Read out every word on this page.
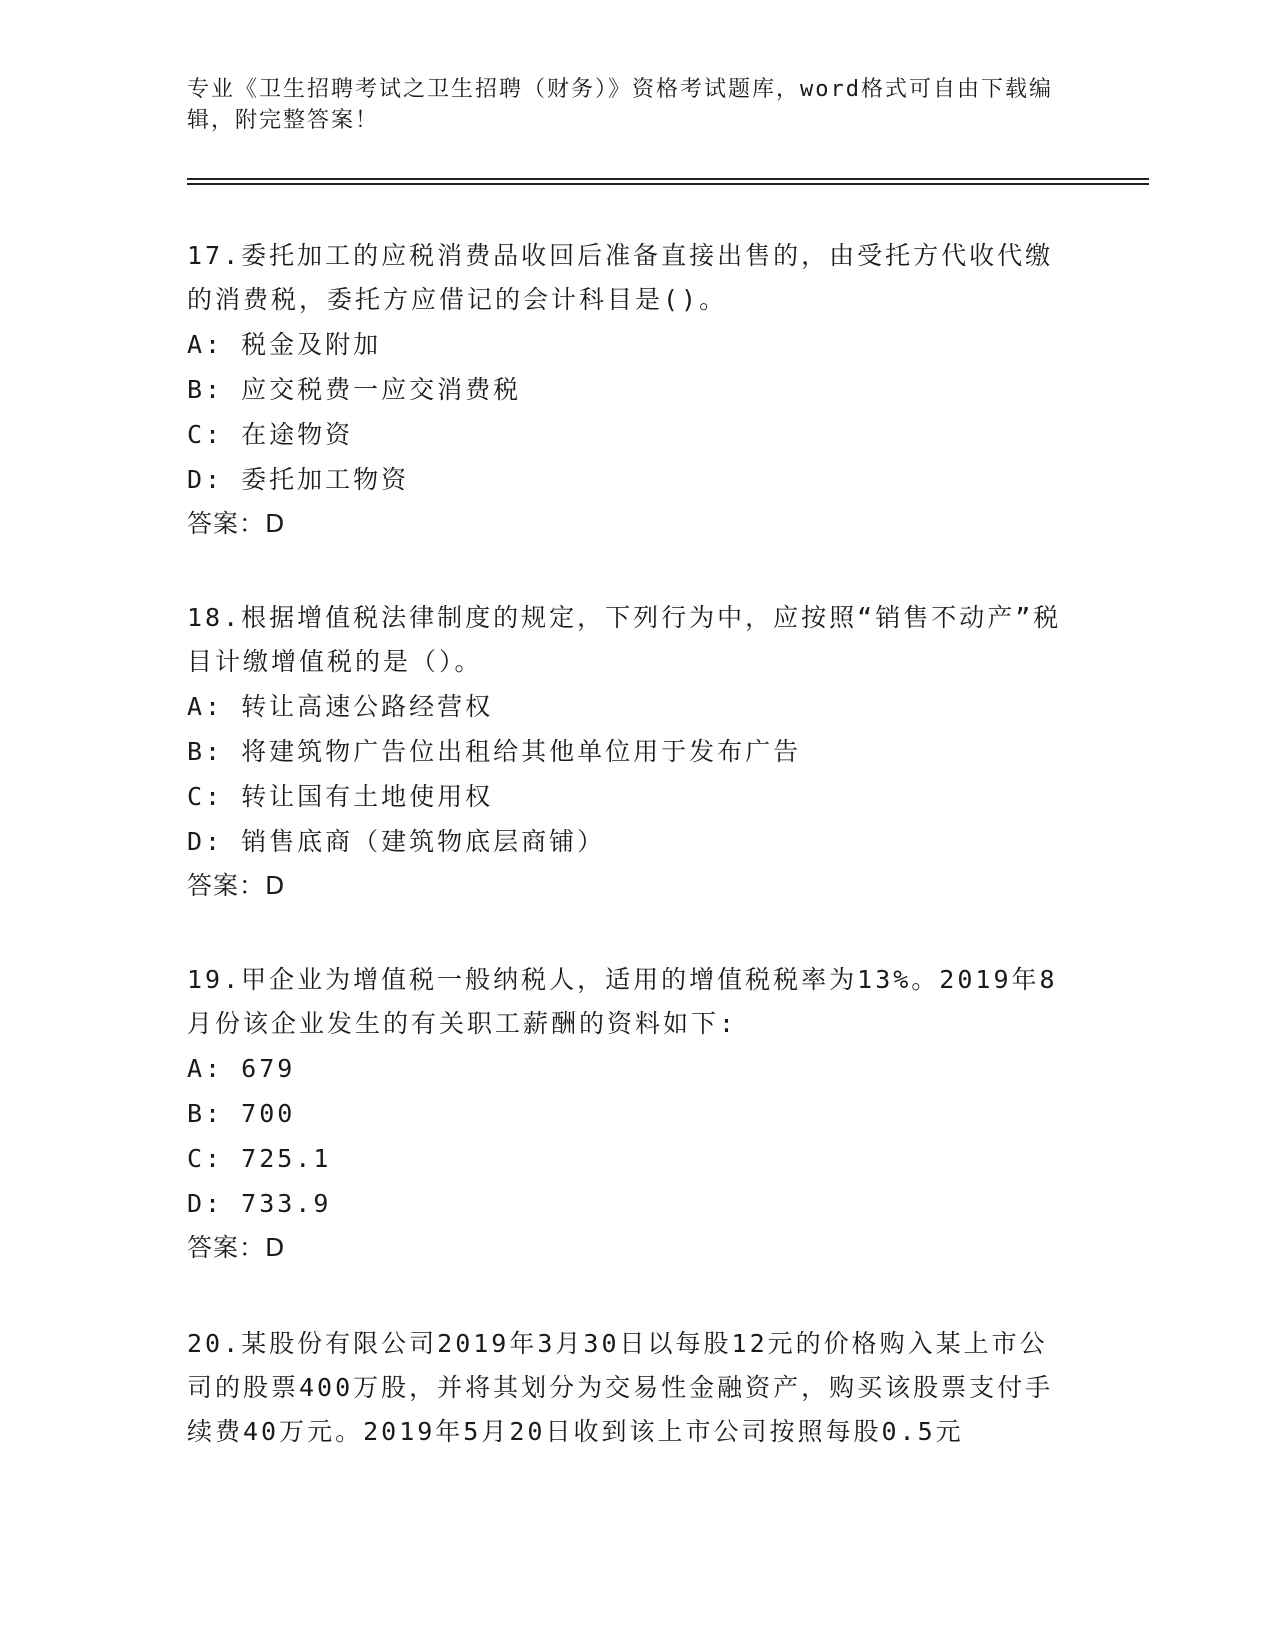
专业《卫生招聘考试之卫生招聘（财务）》资格考试题库，word格式可自由下载编辑，附完整答案！

17.委托加工的应税消费品收回后准备直接出售的，由受托方代收代缴的消费税，委托方应借记的会计科目是()。

A: 税金及附加

B: 应交税费一应交消费税

C: 在途物资

D: 委托加工物资

答案：D

18.根据增值税法律制度的规定，下列行为中，应按照“销售不动产”税目计缴增值税的是（）。

A: 转让高速公路经营权

B: 将建筑物广告位出租给其他单位用于发布广告

C: 转让国有土地使用权

D: 销售底商（建筑物底层商铺）

答案：D

19.甲企业为增值税一般纳税人，适用的增值税税率为13%。2019年8月份该企业发生的有关职工薪酬的资料如下:

A: 679

B: 700

C: 725.1

D: 733.9

答案：D

20.某股份有限公司2019年3月30日以每股12元的价格购入某上市公司的股票400万股，并将其划分为交易性金融资产，购买该股票支付手续费40万元。2019年5月20日收到该上市公司按照每股0.5元
